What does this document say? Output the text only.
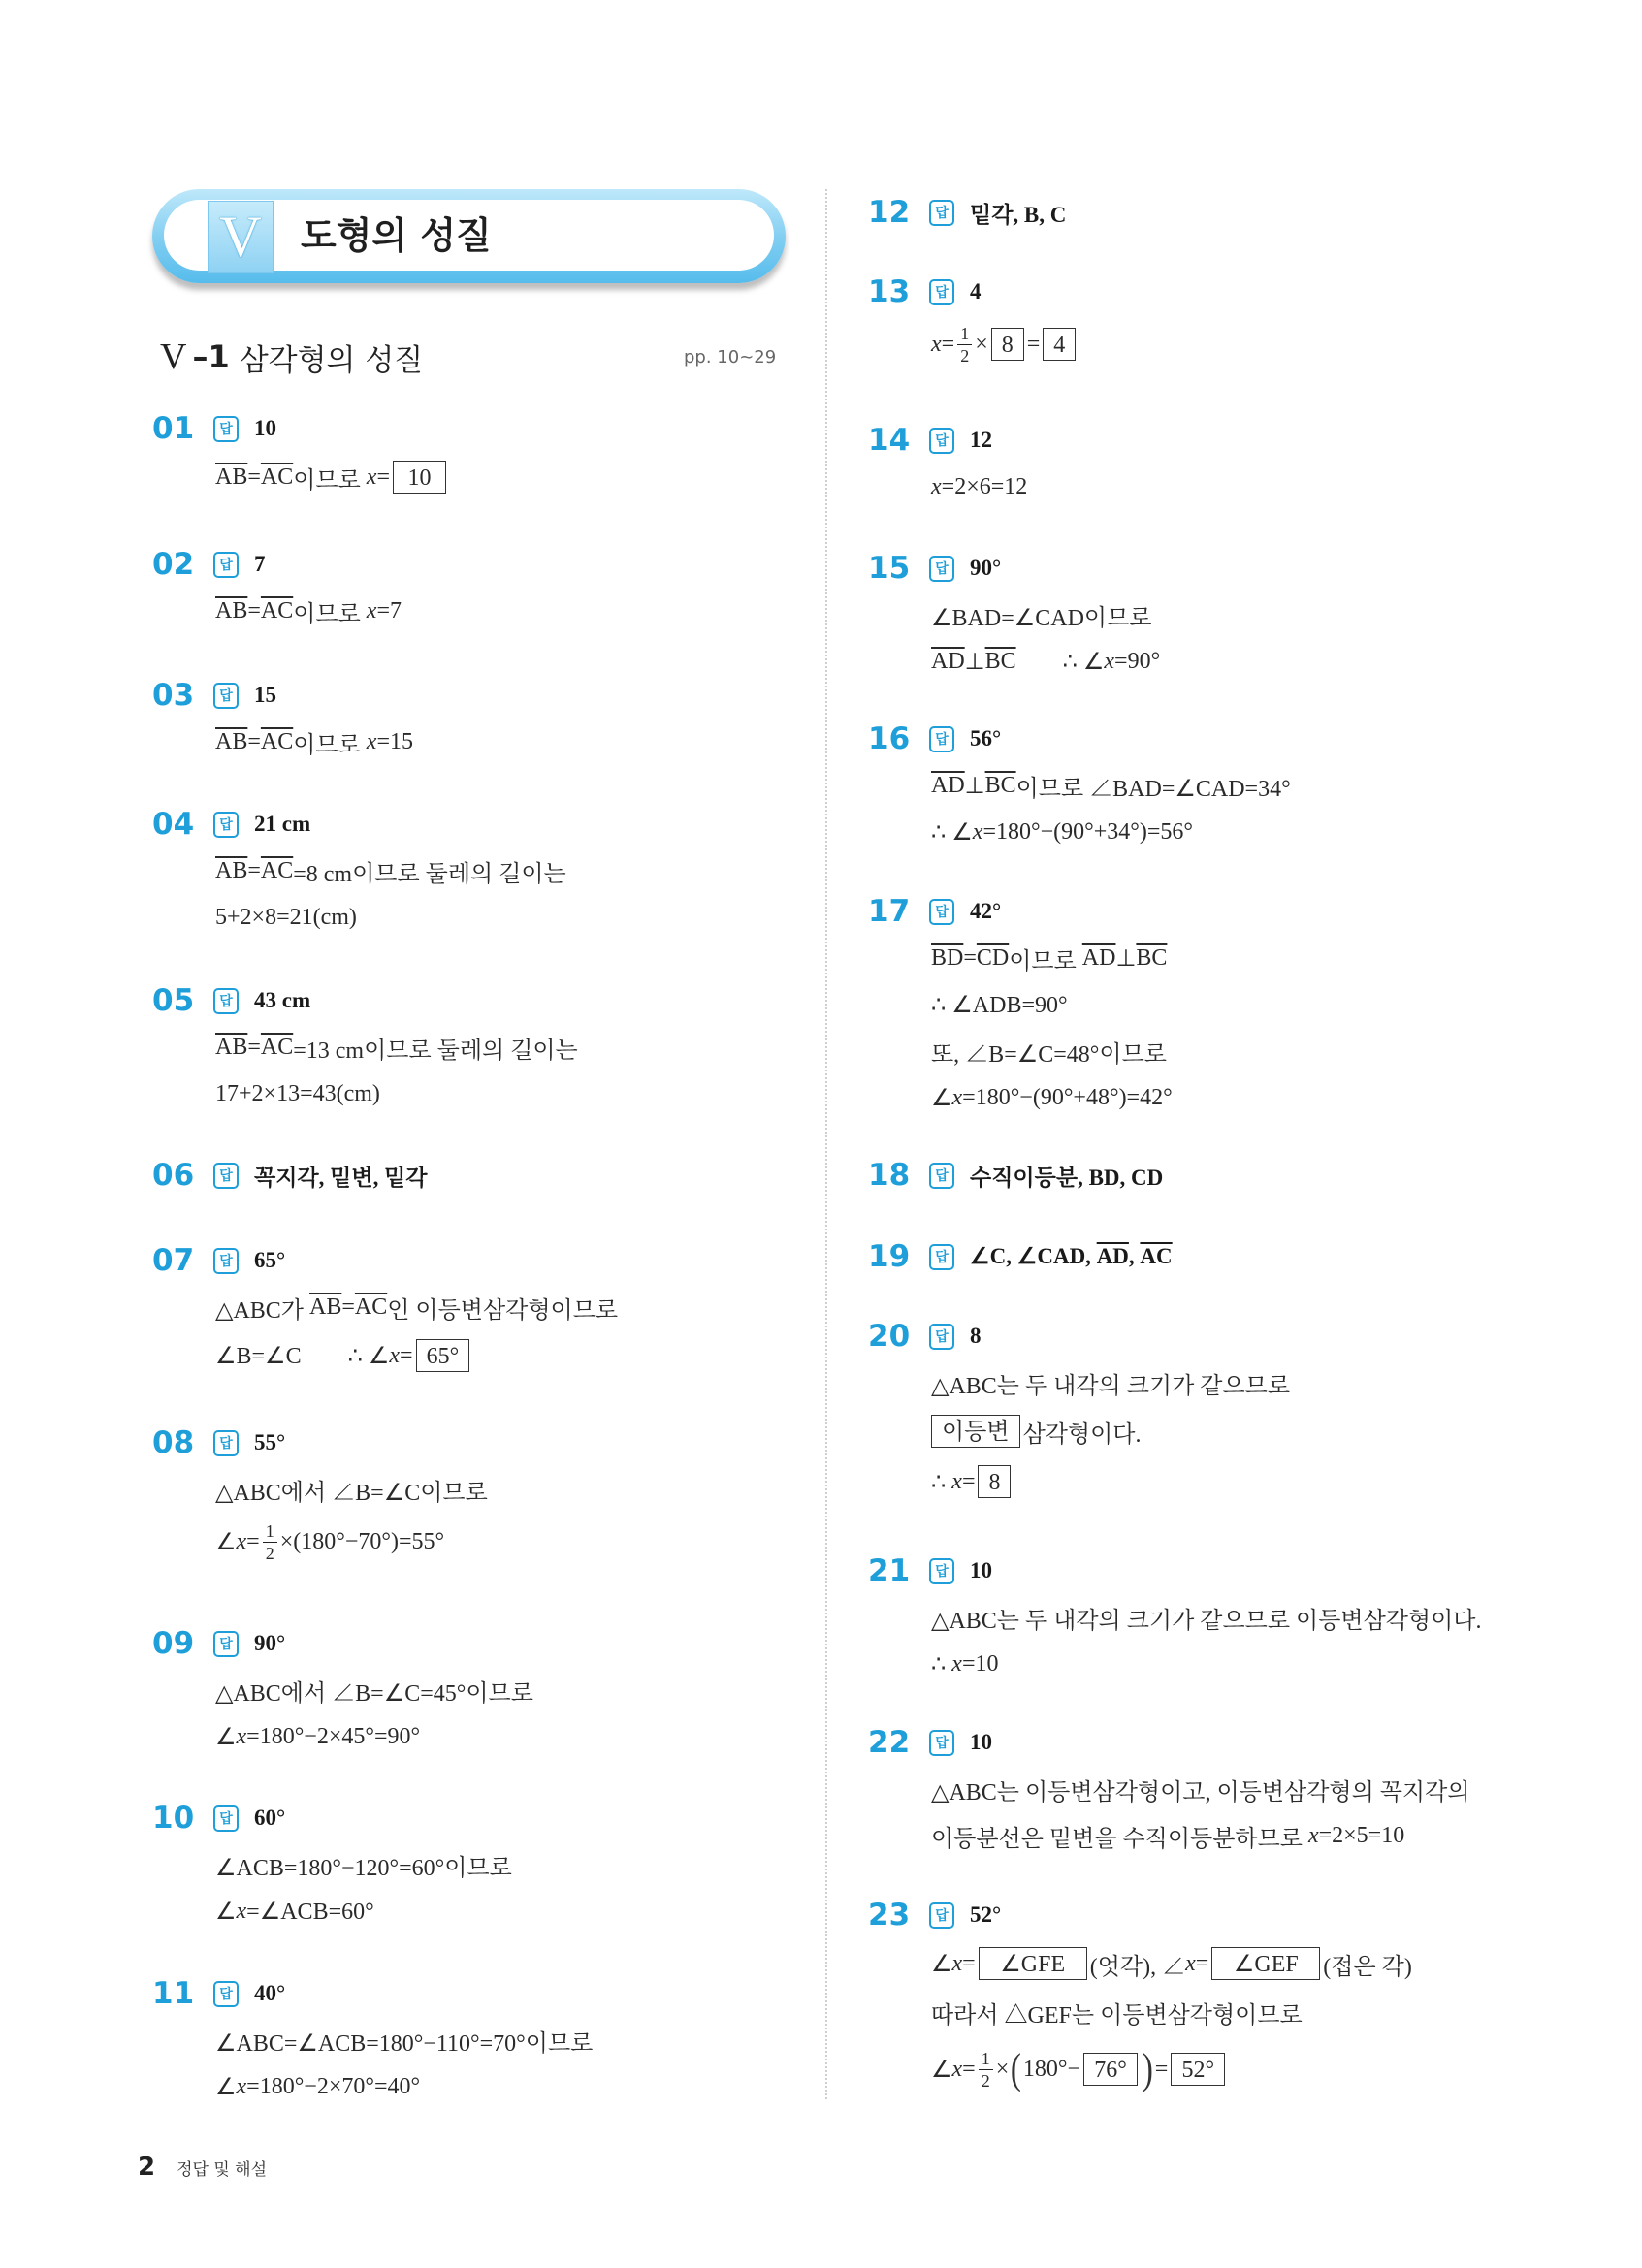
V	도형의 성질
V –1 삼각형의 성질	pp. 10~29
01	답 10
$\overline{AB} = \overline{AC}$ 이므로 x = 10
02	답 7
$\overline{AB} = \overline{AC}$ 이므로 x =7
03	답 15
$\overline{AB} = \overline{AC}$ 이므로 x =15
04	답 21 cm
$\overline{AB} = \overline{AC} =8$ cm이므로 둘레의 길이는
5+2×8=21(cm)
05	답 43 cm
$\overline{AB} = \overline{AC} =13$ cm이므로 둘레의 길이는
17+2×13=43(cm)
06	답 꼭지각, 밑변, 밑각
07	답 65°
△ABC가 $\overline{AB} = \overline{AC}$ 인 이등변삼각형이므로
∠B=∠C ∴ ∠ x = 65°
08	답 55°
△ABC에서 ∠B=∠C이므로
∠ $x = \frac{1}{2} \times(180^\circ-70^\circ)=55^\circ$
09	답 90°
△ABC에서 ∠B=∠C=45°이므로
∠ x =180°−2×45°=90°
10	답 60°
∠ACB=180°−120°=60°이므로
∠ x =∠ACB=60°
11	답 40°
∠ABC=∠ACB=180°−110°=70°이므로
∠ x =180°−2×70°=40°
12	답 밑각, B, C
13	답 4
$x = \frac{1}{2} \times 8 = 4$
14	답 12
x =2×6=12
15	답 90°
∠BAD=∠CAD이므로
$\overline{AD}$ ⊥ $\overline{BC}$ ∴ ∠ x =90°
16	답 56°
$\overline{AD}$ ⊥ $\overline{BC}$ 이므로 ∠BAD=∠CAD=34°
∴ ∠ x =180°−(90°+34°)=56°
17	답 42°
$\overline{BD} = \overline{CD}$ 이므로 $\overline{AD}$ ⊥ $\overline{BC}$
∴ ∠ADB=90°
또, ∠B=∠C=48°이므로
∠ x =180°−(90°+48°)=42°
18	답 수직이등분, BD, CD
19	답 ∠C, ∠CAD, $\overline{AD}$ , $\overline{AC}$
20	답 8
△ABC는 두 내각의 크기가 같으므로
이등변 삼각형이다.
∴ x = 8
21	답 10
△ABC는 두 내각의 크기가 같으므로 이등변삼각형이다.
∴ x =10
22	답 10
△ABC는 이등변삼각형이고, 이등변삼각형의 꼭지각의
이등분선은 밑변을 수직이등분하므로 x =2×5=10
23	답 52°
∠ x =	∠GFE	(엇각), ∠ x =	∠GEF	(접은 각)
따라서 △GEF는 이등변삼각형이므로
∠ $x = \frac{1}{2}$ × ( 180°− 76° ) = 52°
2 정답 및 해설
